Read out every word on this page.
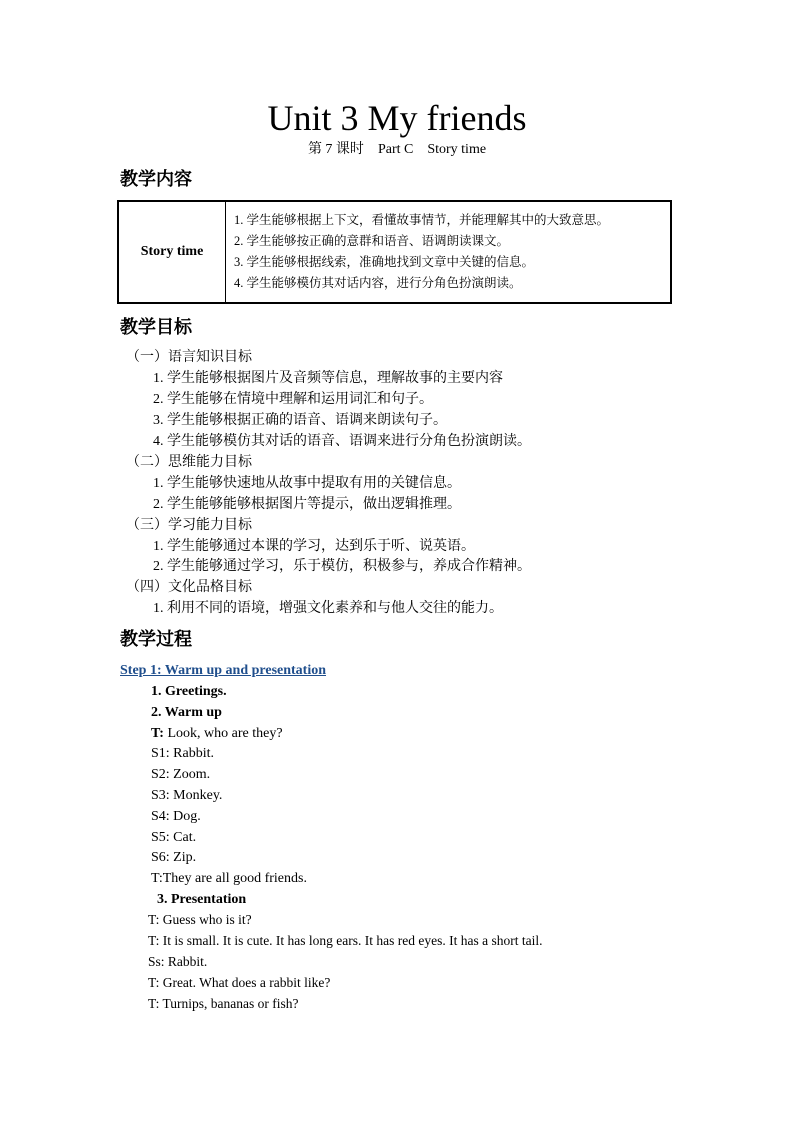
Unit 3 My friends
第 7 课时 Part C Story time
教学内容
Story time	
1. 学生能够根据上下文，看懂故事情节，并能理解其中的大致意思。
2. 学生能够按正确的意群和语音、语调朗读课文。
3. 学生能够根据线索，准确地找到文章中关键的信息。
4. 学生能够模仿其对话内容，进行分角色扮演朗读。
教学目标
（一）语言知识目标
1. 学生能够根据图片及音频等信息，理解故事的主要内容
2. 学生能够在情境中理解和运用词汇和句子。
3. 学生能够根据正确的语音、语调来朗读句子。
4. 学生能够模仿其对话的语音、语调来进行分角色扮演朗读。
（二）思维能力目标
1. 学生能够快速地从故事中提取有用的关键信息。
2. 学生能够能够根据图片等提示，做出逻辑推理。
（三）学习能力目标
1. 学生能够通过本课的学习，达到乐于听、说英语。
2. 学生能够通过学习，乐于模仿，积极参与，养成合作精神。
（四）文化品格目标
1. 利用不同的语境，增强文化素养和与他人交往的能力。
教学过程
Step 1: Warm up and presentation
1. Greetings.
2. Warm up
T: Look, who are they?
S1: Rabbit.
S2: Zoom.
S3: Monkey.
S4: Dog.
S5: Cat.
S6: Zip.
T:They are all good friends.
3. Presentation
T: Guess who is it?
T: It is small. It is cute. It has long ears. It has red eyes. It has a short tail.
Ss: Rabbit.
T: Great. What does a rabbit like?
T: Turnips, bananas or fish?
